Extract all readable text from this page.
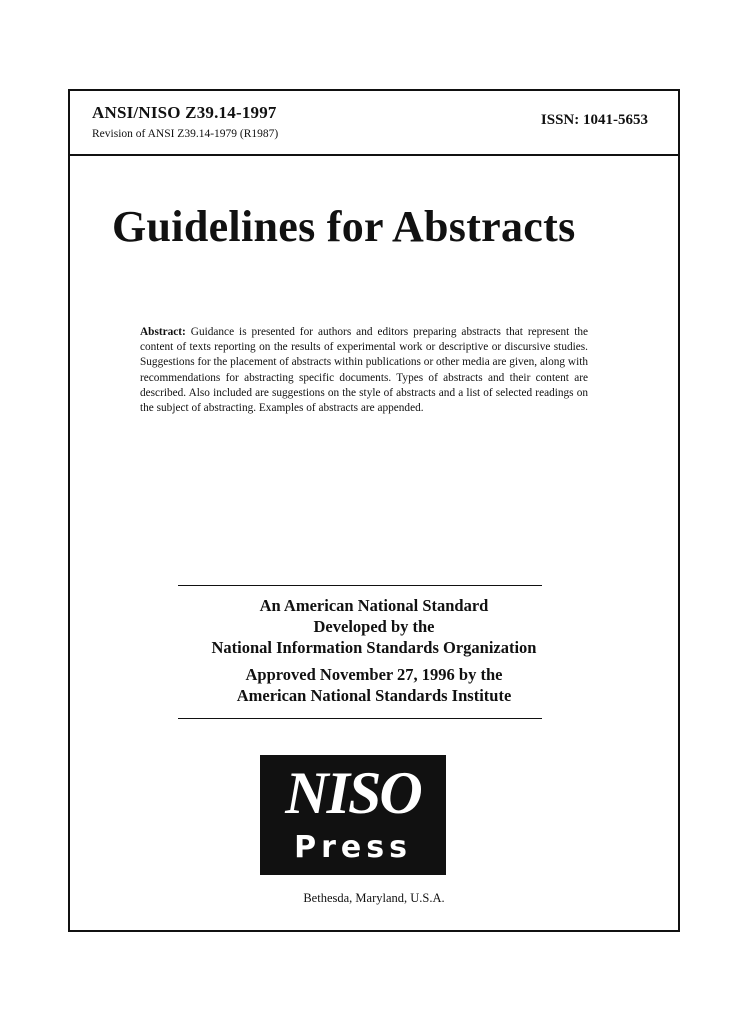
ANSI/NISO Z39.14-1997
Revision of ANSI Z39.14-1979 (R1987)
ISSN: 1041-5653
Guidelines for Abstracts
Abstract: Guidance is presented for authors and editors preparing abstracts that represent the content of texts reporting on the results of experimental work or descriptive or discursive studies. Suggestions for the placement of abstracts within publications or other media are given, along with recommendations for abstracting specific documents. Types of abstracts and their content are described. Also included are suggestions on the style of abstracts and a list of selected readings on the subject of abstracting. Examples of abstracts are appended.
An American National Standard
Developed by the
National Information Standards Organization
Approved November 27, 1996 by the
American National Standards Institute
NISO
Press
Bethesda, Maryland, U.S.A.
